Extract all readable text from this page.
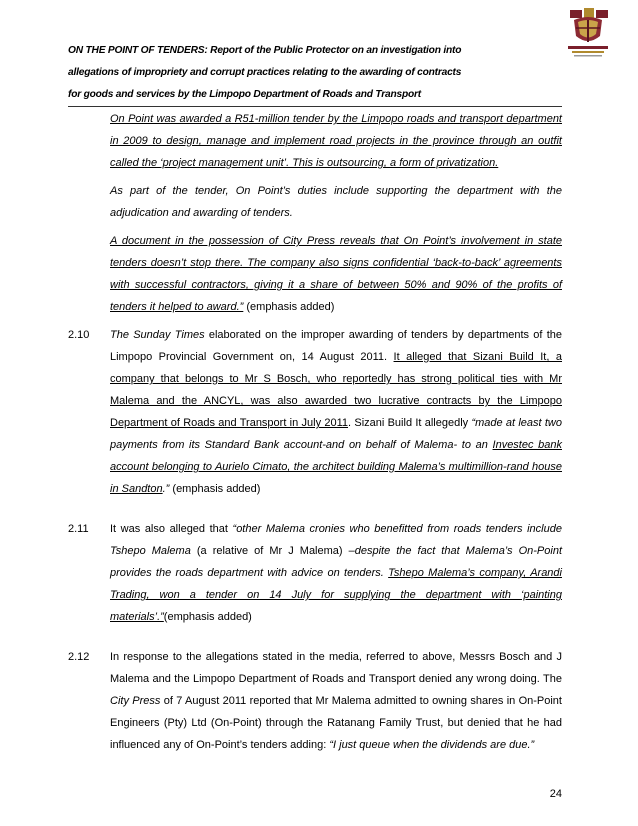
ON THE POINT OF TENDERS: Report of the Public Protector on an investigation into
allegations of impropriety and corrupt practices relating to the awarding of contracts
for goods and services by the Limpopo Department of Roads and Transport
On Point was awarded a R51-million tender by the Limpopo roads and transport department in 2009 to design, manage and implement road projects in the province through an outfit called the ‘project management unit’. This is outsourcing, a form of privatization.
As part of the tender, On Point’s duties include supporting the department with the adjudication and awarding of tenders.
A document in the possession of City Press reveals that On Point’s involvement in state tenders doesn’t stop there. The company also signs confidential ‘back-to-back’ agreements with successful contractors, giving it a share of between 50% and 90% of the profits of tenders it helped to award.” (emphasis added)
2.10	The Sunday Times elaborated on the improper awarding of tenders by departments of the Limpopo Provincial Government on, 14 August 2011. It alleged that Sizani Build It, a company that belongs to Mr S Bosch, who reportedly has strong political ties with Mr Malema and the ANCYL, was also awarded two lucrative contracts by the Limpopo Department of Roads and Transport in July 2011. Sizani Build It allegedly “made at least two payments from its Standard Bank account-and on behalf of Malema- to an Investec bank account belonging to Aurielo Cimato, the architect building Malema’s multimillion-rand house in Sandton.” (emphasis added)
2.11	It was also alleged that “other Malema cronies who benefitted from roads tenders include Tshepo Malema (a relative of Mr J Malema) –despite the fact that Malema’s On-Point provides the roads department with advice on tenders. Tshepo Malema’s company, Arandi Trading, won a tender on 14 July for supplying the department with ‘painting materials’.”(emphasis added)
2.12	In response to the allegations stated in the media, referred to above, Messrs Bosch and J Malema and the Limpopo Department of Roads and Transport denied any wrong doing. The City Press of 7 August 2011 reported that Mr Malema admitted to owning shares in On-Point Engineers (Pty) Ltd (On-Point) through the Ratanang Family Trust, but denied that he had influenced any of On-Point’s tenders adding: “I just queue when the dividends are due.”
24
